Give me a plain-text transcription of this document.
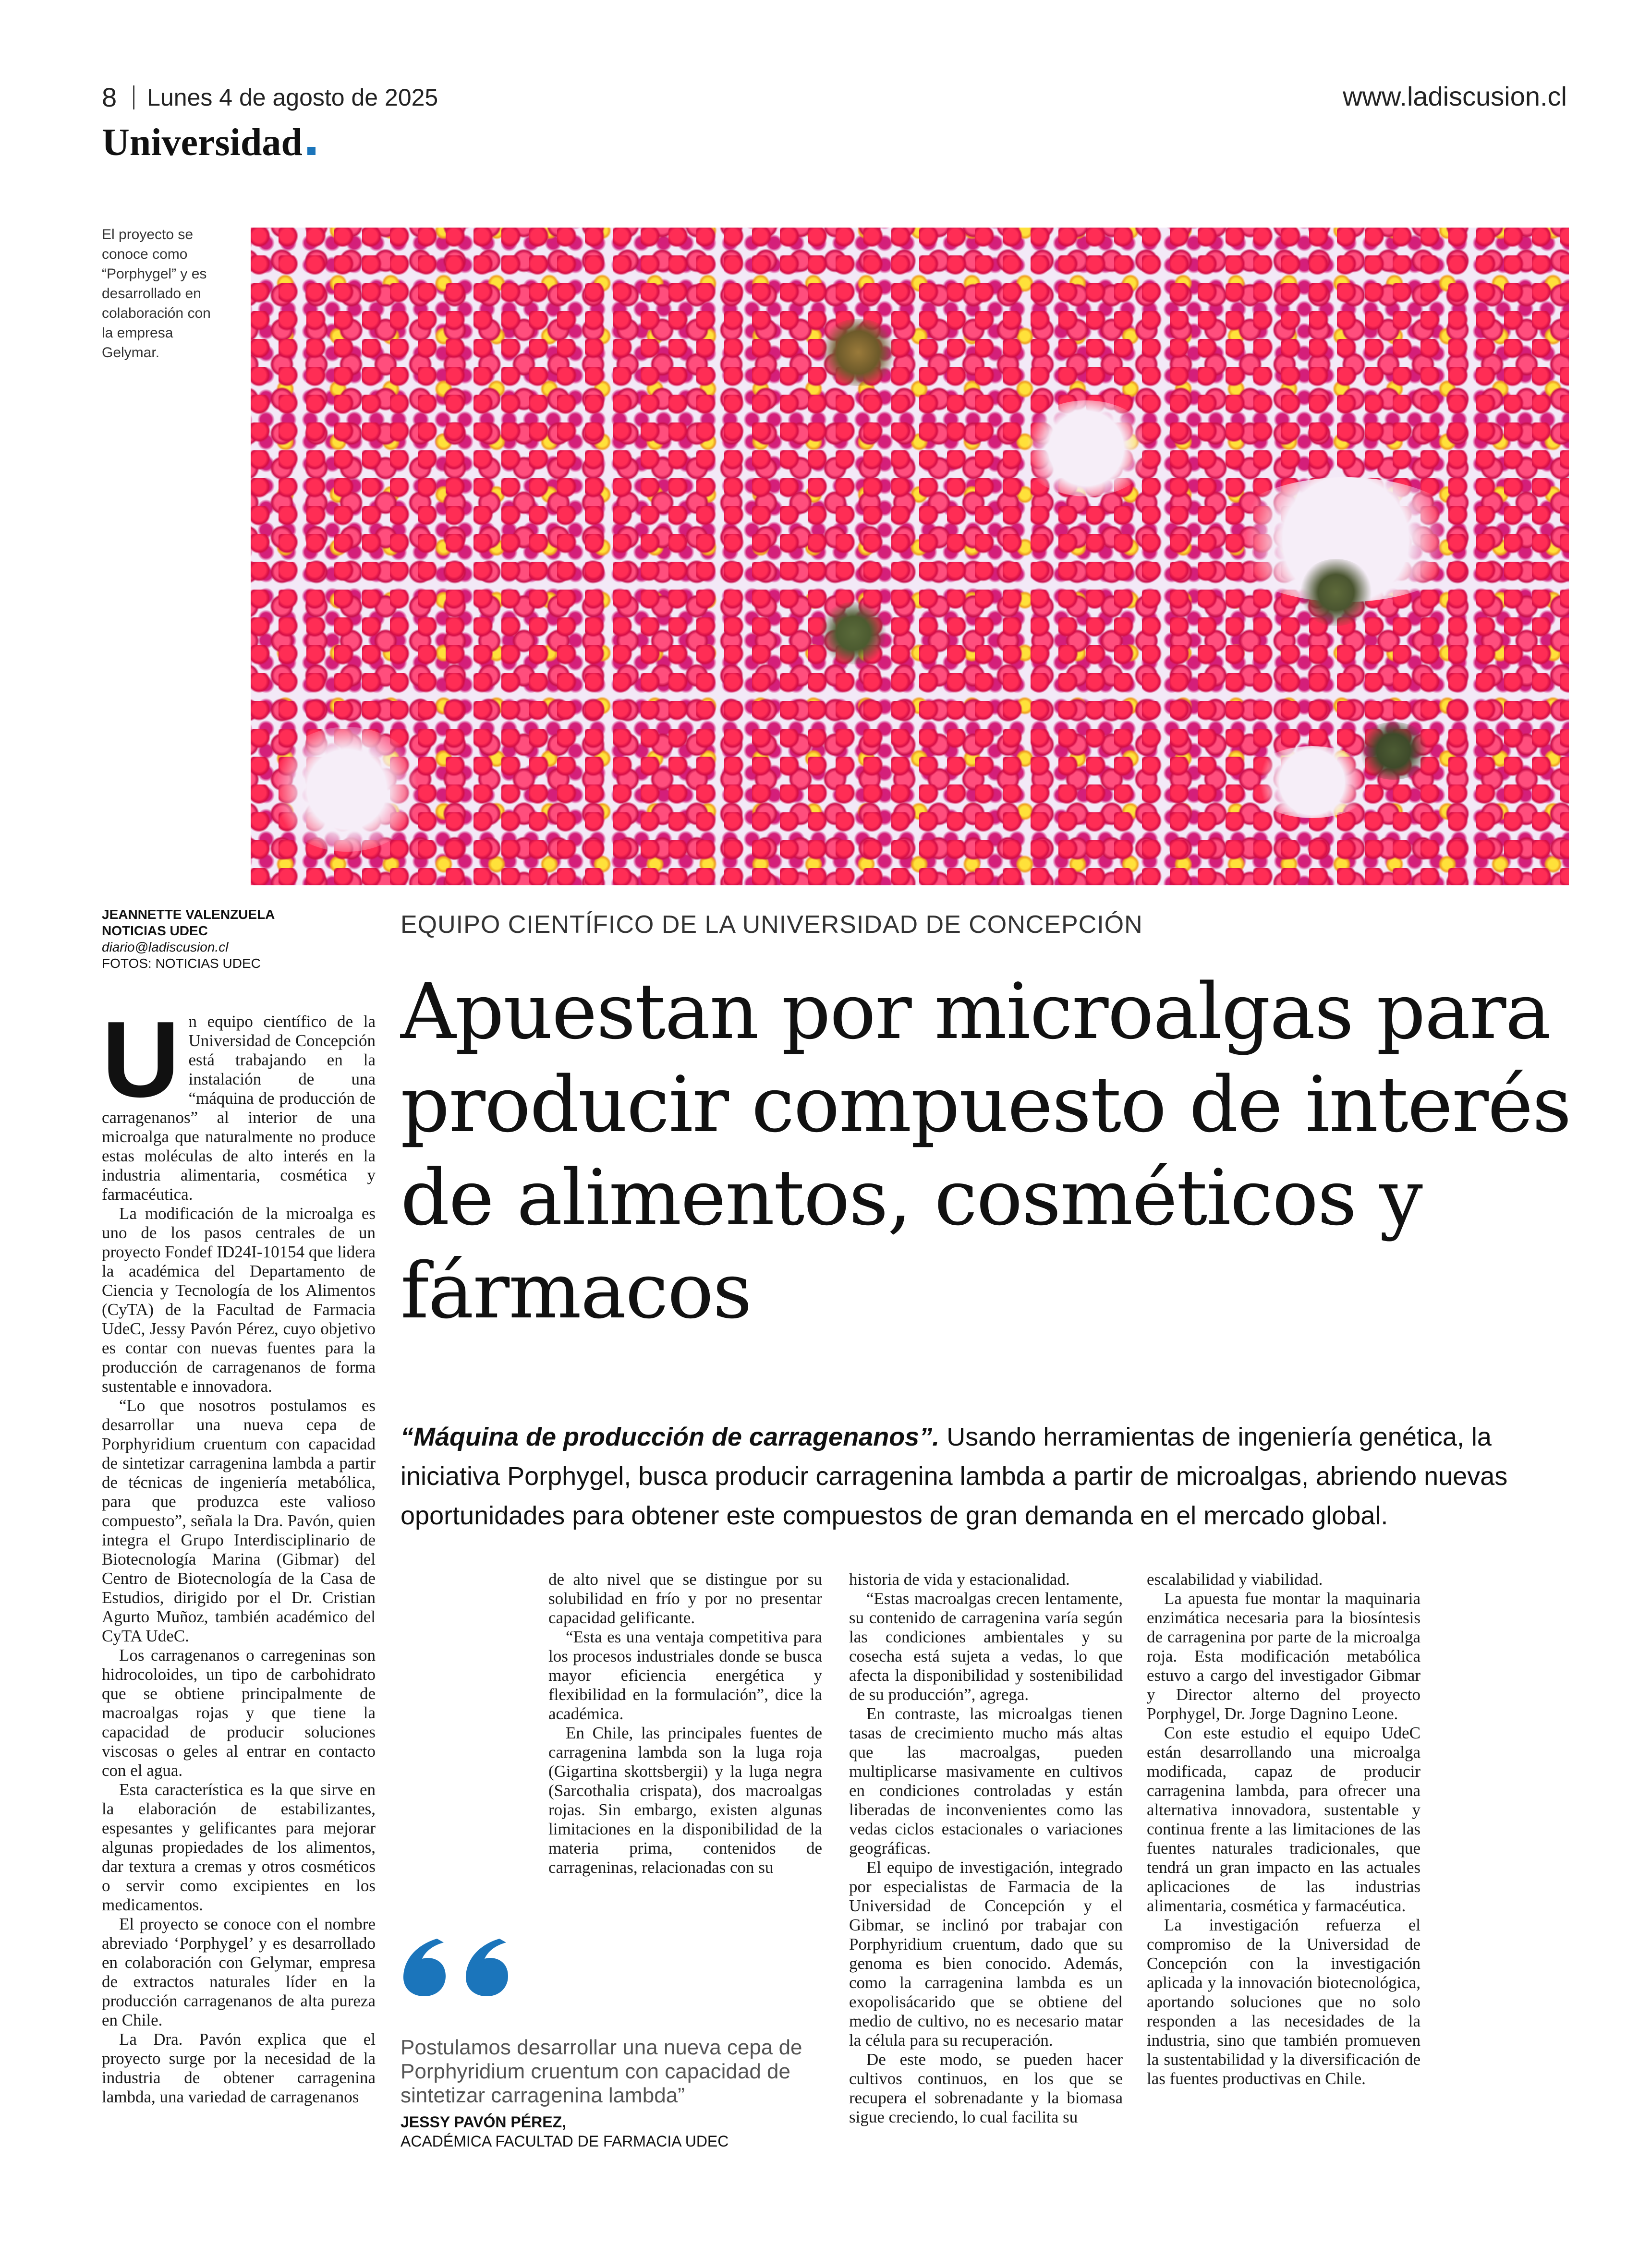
8 Lunes 4 de agosto de 2025	www.ladiscusion.cl
Universidad
El proyecto se conoce como “Porphygel” y es desarrollado en colaboración con la empresa Gelymar.
JEANNETTE VALENZUELA
NOTICIAS UDEC
diario@ladiscusion.cl
FOTOS: NOTICIAS UDEC
EQUIPO CIENTÍFICO DE LA UNIVERSIDAD DE CONCEPCIÓN
Apuestan por microalgas para producir compuesto de interés de alimentos, cosméticos y fármacos
“Máquina de producción de carragenanos”. Usando herramientas de ingeniería genética, la iniciativa Porphygel, busca producir carragenina lambda a partir de microalgas, abriendo nuevas oportunidades para obtener este compuestos de gran demanda en el mercado global.
U n equipo científico de la Universidad de Concepción está trabajando en la instalación de una “máquina de producción de carragenanos” al interior de una microalga que naturalmente no produce estas moléculas de alto interés en la industria alimentaria, cosmética y farmacéutica.

La modificación de la microalga es uno de los pasos centrales de un proyecto Fondef ID24I-10154 que lidera la académica del Departamento de Ciencia y Tecnología de los Alimentos (CyTA) de la Facultad de Farmacia UdeC, Jessy Pavón Pérez, cuyo objetivo es contar con nuevas fuentes para la producción de carragenanos de forma sustentable e innovadora.

“Lo que nosotros postulamos es desarrollar una nueva cepa de Porphyridium cruentum con capacidad de sintetizar carragenina lambda a partir de técnicas de ingeniería metabólica, para que produzca este valioso compuesto”, señala la Dra. Pavón, quien integra el Grupo Interdisciplinario de Biotecnología Marina (Gibmar) del Centro de Biotecnología de la Casa de Estudios, dirigido por el Dr. Cristian Agurto Muñoz, también académico del CyTA UdeC.

Los carragenanos o carregeninas son hidrocoloides, un tipo de carbohidrato que se obtiene principalmente de macroalgas rojas y que tiene la capacidad de producir soluciones viscosas o geles al entrar en contacto con el agua.

Esta característica es la que sirve en la elaboración de estabilizantes, espesantes y gelificantes para mejorar algunas propiedades de los alimentos, dar textura a cremas y otros cosméticos o servir como excipientes en los medicamentos.

El proyecto se conoce con el nombre abreviado ‘Porphygel’ y es desarrollado en colaboración con Gelymar, empresa de extractos naturales líder en la producción carragenanos de alta pureza en Chile.

La Dra. Pavón explica que el proyecto surge por la necesidad de la industria de obtener carragenina lambda, una variedad de carragenanos

de alto nivel que se distingue por su solubilidad en frío y por no presentar capacidad gelificante.

“Esta es una ventaja competitiva para los procesos industriales donde se busca mayor eficiencia energética y flexibilidad en la formulación”, dice la académica.

En Chile, las principales fuentes de carragenina lambda son la luga roja (Gigartina skottsbergii) y la luga negra (Sarcothalia crispata), dos macroalgas rojas. Sin embargo, existen algunas limitaciones en la disponibilidad de la materia prima, contenidos de carrageninas, relacionadas con su

Postulamos desarrollar una nueva cepa de Porphyridium cruentum con capacidad de sintetizar carragenina lambda”
JESSY PAVÓN PÉREZ,
ACADÉMICA FACULTAD DE FARMACIA UDEC

historia de vida y estacionalidad.

“Estas macroalgas crecen lentamente, su contenido de carragenina varía según las condiciones ambientales y su cosecha está sujeta a vedas, lo que afecta la disponibilidad y sostenibilidad de su producción”, agrega.

En contraste, las microalgas tienen tasas de crecimiento mucho más altas que las macroalgas, pueden multiplicarse masivamente en cultivos en condiciones controladas y están liberadas de inconvenientes como las vedas ciclos estacionales o variaciones geográficas.

El equipo de investigación, integrado por especialistas de Farmacia de la Universidad de Concepción y el Gibmar, se inclinó por trabajar con Porphyridium cruentum, dado que su genoma es bien conocido. Además, como la carragenina lambda es un exopolisácarido que se obtiene del medio de cultivo, no es necesario matar la célula para su recuperación.

De este modo, se pueden hacer cultivos continuos, en los que se recupera el sobrenadante y la biomasa sigue creciendo, lo cual facilita su

escalabilidad y viabilidad.

La apuesta fue montar la maquinaria enzimática necesaria para la biosíntesis de carragenina por parte de la microalga roja. Esta modificación metabólica estuvo a cargo del investigador Gibmar y Director alterno del proyecto Porphygel, Dr. Jorge Dagnino Leone.

Con este estudio el equipo UdeC están desarrollando una microalga modificada, capaz de producir carragenina lambda, para ofrecer una alternativa innovadora, sustentable y continua frente a las limitaciones de las fuentes naturales tradicionales, que tendrá un gran impacto en las actuales aplicaciones de las industrias alimentaria, cosmética y farmacéutica.

La investigación refuerza el compromiso de la Universidad de Concepción con la investigación aplicada y la innovación biotecnológica, aportando soluciones que no solo responden a las necesidades de la industria, sino que también promueven la sustentabilidad y la diversificación de las fuentes productivas en Chile.
